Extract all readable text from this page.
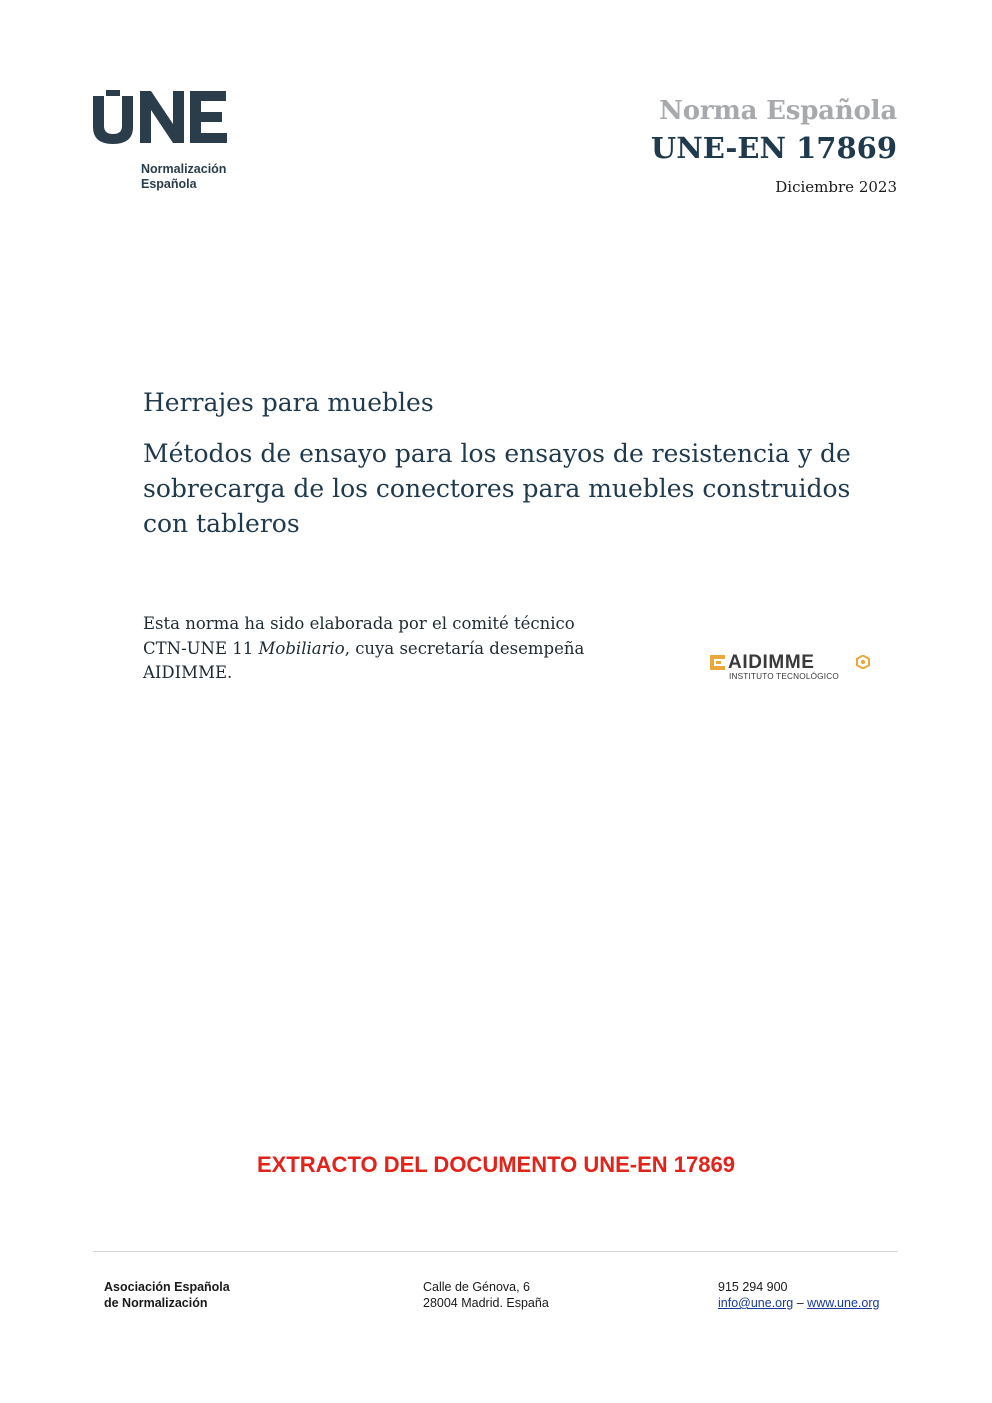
Normalización
Española
Norma Española
UNE-EN 17869
Diciembre 2023
Herrajes para muebles
Métodos de ensayo para los ensayos de resistencia y de sobrecarga de los conectores para muebles construidos con tableros
Esta norma ha sido elaborada por el comité técnico CTN-UNE 11 Mobiliario, cuya secretaría desempeña AIDIMME.	AIDIMME
INSTITUTO TECNOLÓGICO
EXTRACTO DEL DOCUMENTO UNE-EN 17869
Asociación Española
de Normalización
Calle de Génova, 6
28004 Madrid. España
915 294 900
info@une.org – www.une.org
